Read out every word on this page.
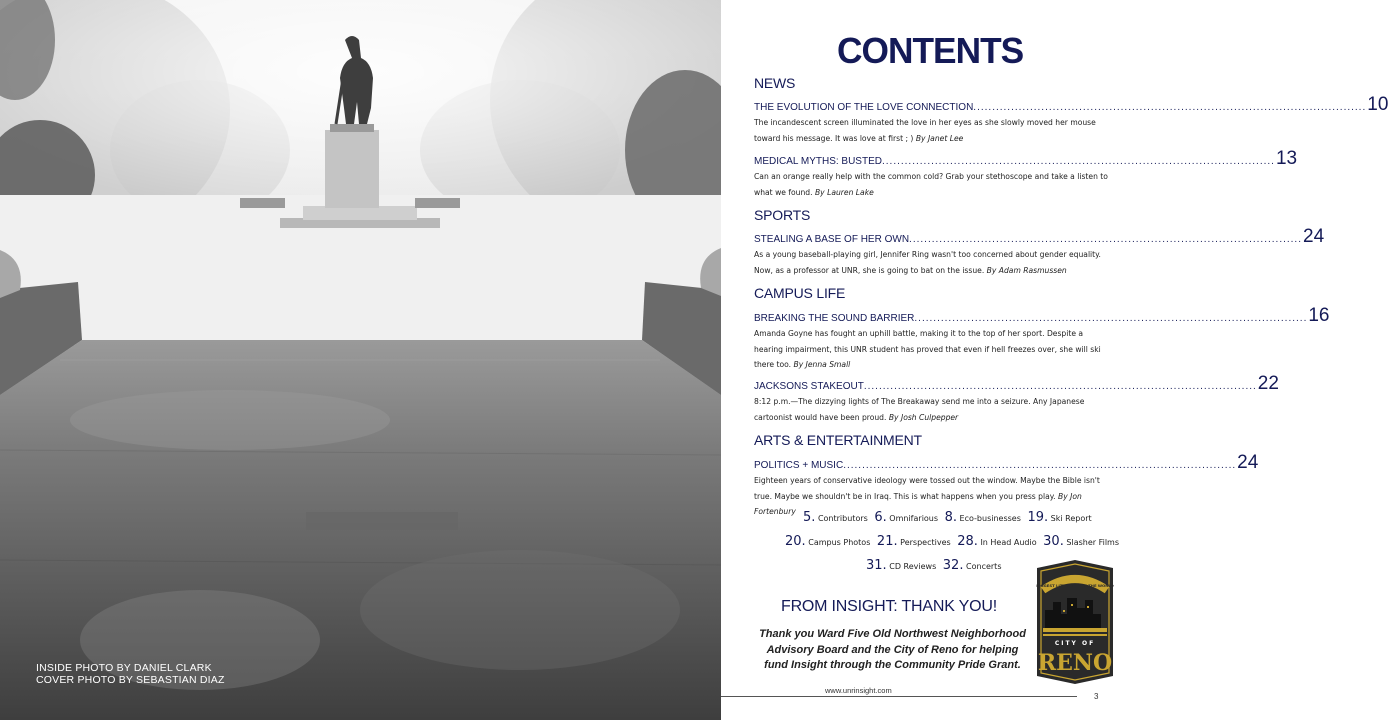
INSIDE PHOTO BY DANIEL CLARK
COVER PHOTO BY SEBASTIAN DIAZ
CONTENTS
NEWS
THE EVOLUTION OF THE LOVE CONNECTION ........................................................................................................ 10
The incandescent screen illuminated the love in her eyes as she slowly moved her mouse toward his message. It was love at first ; ) By Janet Lee
MEDICAL MYTHS: BUSTED ........................................................................................................ 13
Can an orange really help with the common cold? Grab your stethoscope and take a listen to what we found. By Lauren Lake
SPORTS
STEALING A BASE OF HER OWN ........................................................................................................ 24
As a young baseball-playing girl, Jennifer Ring wasn't too concerned about gender equality. Now, as a professor at UNR, she is going to bat on the issue. By Adam Rasmussen
CAMPUS LIFE
BREAKING THE SOUND BARRIER ........................................................................................................ 16
Amanda Goyne has fought an uphill battle, making it to the top of her sport. Despite a hearing impairment, this UNR student has proved that even if hell freezes over, she will ski there too. By Jenna Small
JACKSONS STAKEOUT ........................................................................................................ 22
8:12 p.m.—The dizzying lights of The Breakaway send me into a seizure. Any Japanese cartoonist would have been proud. By Josh Culpepper
ARTS & ENTERTAINMENT
POLITICS + MUSIC ........................................................................................................ 24
Eighteen years of conservative ideology were tossed out the window. Maybe the Bible isn't true. Maybe we shouldn't be in Iraq. This is what happens when you press play. By Jon Fortenbury 5. Contributors 6. Omnifarious 8. Eco-businesses 19. Ski Report
20. Campus Photos 21. Perspectives 28. In Head Audio 30. Slasher Films
31. CD Reviews 32. Concerts
FROM INSIGHT: THANK YOU!
Thank you Ward Five Old Northwest Neighborhood Advisory Board and the City of Reno for helping fund Insight through the Community Pride Grant.
CITY OF
RENO
BIGGEST LITTLE CITY IN THE WORLD
www.unrinsight.com
3
